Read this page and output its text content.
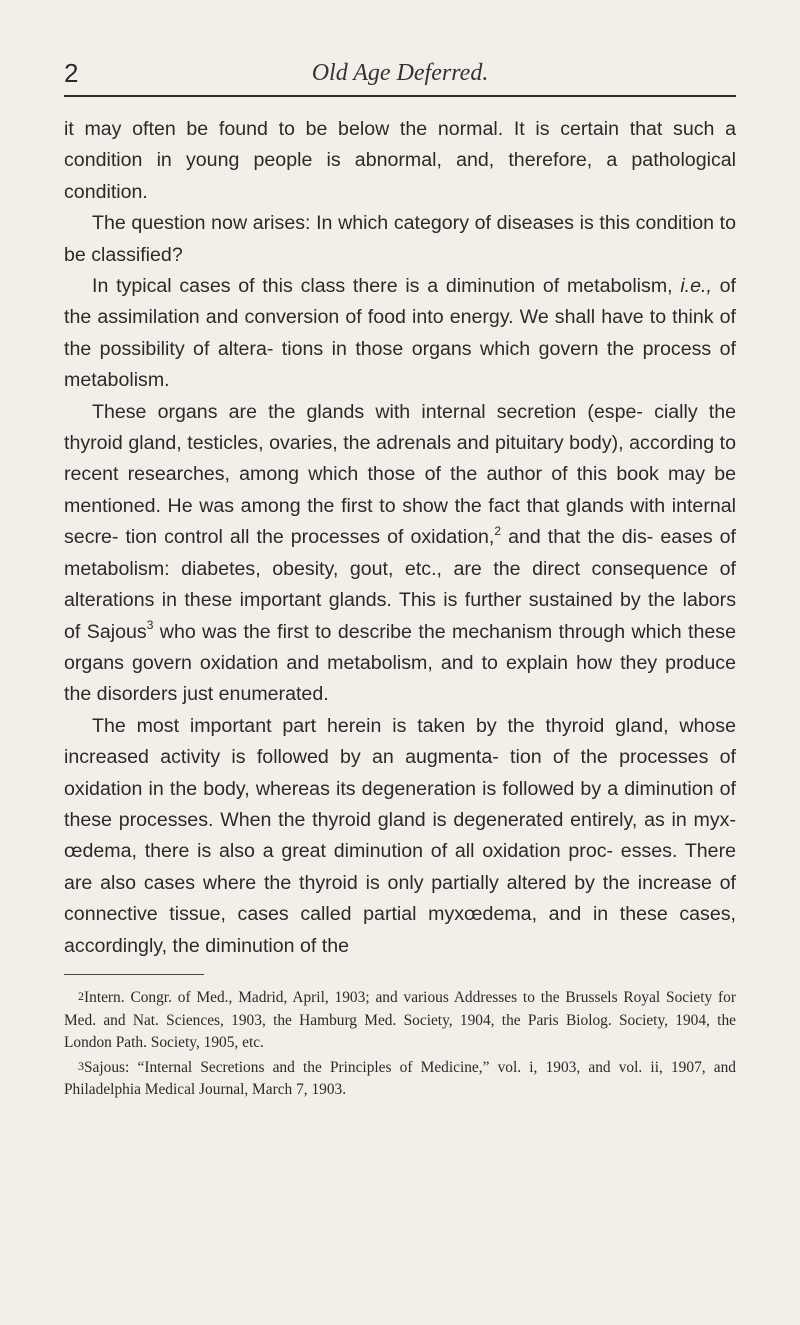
2	Old Age Deferred.

it may often be found to be below the normal. It is certain that such a condition in young people is abnormal, and, therefore, a pathological condition.

The question now arises: In which category of diseases is this condition to be classified?

In typical cases of this class there is a diminution of metabolism, i.e., of the assimilation and conversion of food into energy. We shall have to think of the possibility of altera- tions in those organs which govern the process of metabolism.

These organs are the glands with internal secretion (espe- cially the thyroid gland, testicles, ovaries, the adrenals and pituitary body), according to recent researches, among which those of the author of this book may be mentioned. He was among the first to show the fact that glands with internal secre- tion control all the processes of oxidation,$^2$ and that the dis- eases of metabolism: diabetes, obesity, gout, etc., are the direct consequence of alterations in these important glands. This is further sustained by the labors of Sajous$^3$ who was the first to describe the mechanism through which these organs govern oxidation and metabolism, and to explain how they produce the disorders just enumerated.

The most important part herein is taken by the thyroid gland, whose increased activity is followed by an augmenta- tion of the processes of oxidation in the body, whereas its degeneration is followed by a diminution of these processes. When the thyroid gland is degenerated entirely, as in myx- œdema, there is also a great diminution of all oxidation proc- esses. There are also cases where the thyroid is only partially altered by the increase of connective tissue, cases called partial myxœdema, and in these cases, accordingly, the diminution of the

2Intern. Congr. of Med., Madrid, April, 1903; and various Addresses to the Brussels Royal Society for Med. and Nat. Sciences, 1903, the Hamburg Med. Society, 1904, the Paris Biolog. Society, 1904, the London Path. Society, 1905, etc.

3Sajous: “Internal Secretions and the Principles of Medicine,” vol. i, 1903, and vol. ii, 1907, and Philadelphia Medical Journal, March 7, 1903.
